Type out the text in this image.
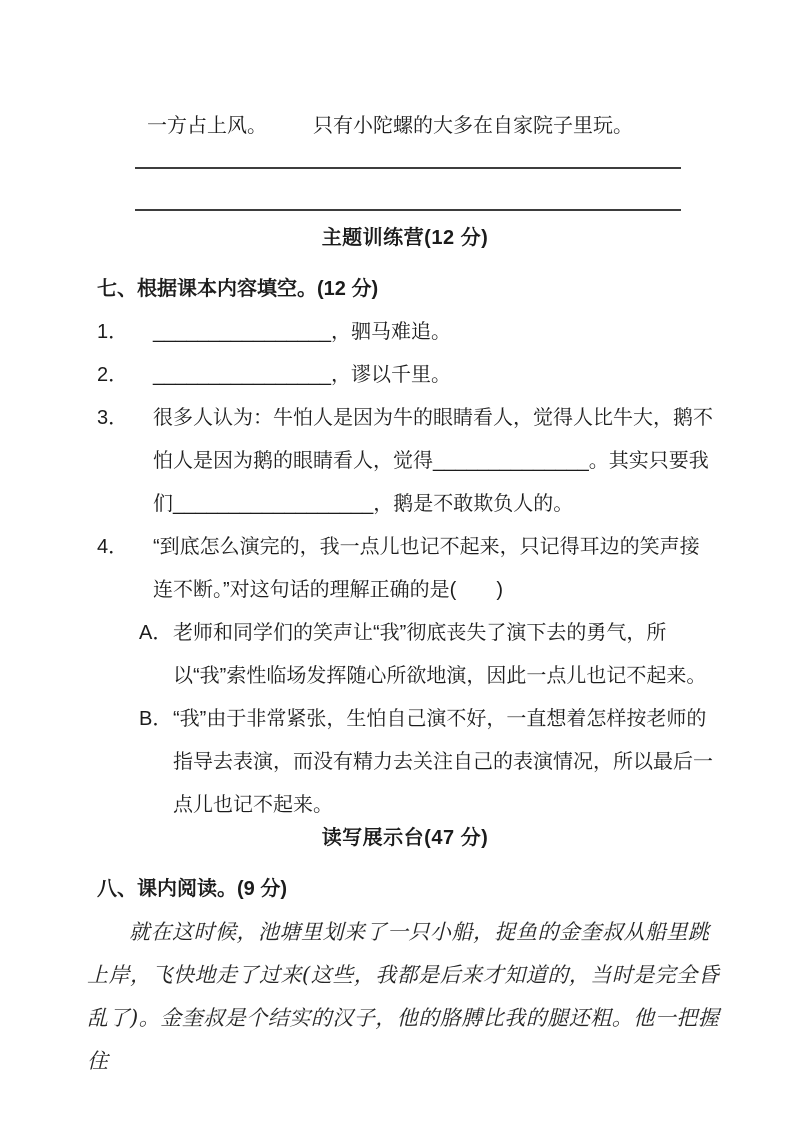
一方占上风。 只有小陀螺的大多在自家院子里玩。
主题训练营(12 分)
七、根据课本内容填空。(12 分)
1． ________________，驷马难追。
2． ________________，谬以千里。
3． 很多人认为：牛怕人是因为牛的眼睛看人，觉得人比牛大，鹅不怕人是因为鹅的眼睛看人，觉得______________。其实只要我们__________________，鹅是不敢欺负人的。
4． “到底怎么演完的，我一点儿也记不起来，只记得耳边的笑声接连不断。”对这句话的理解正确的是(　　)
A．老师和同学们的笑声让“我”彻底丧失了演下去的勇气，所以“我”索性临场发挥随心所欲地演，因此一点儿也记不起来。
B．“我”由于非常紧张，生怕自己演不好，一直想着怎样按老师的指导去表演，而没有精力去关注自己的表演情况，所以最后一点儿也记不起来。
读写展示台(47 分)
八、课内阅读。(9 分)
就在这时候，池塘里划来了一只小船，捉鱼的金奎叔从船里跳上岸，飞快地走了过来(这些，我都是后来才知道的，当时是完全昏乱了)。金奎叔是个结实的汉子，他的胳膊比我的腿还粗。他一把握住
